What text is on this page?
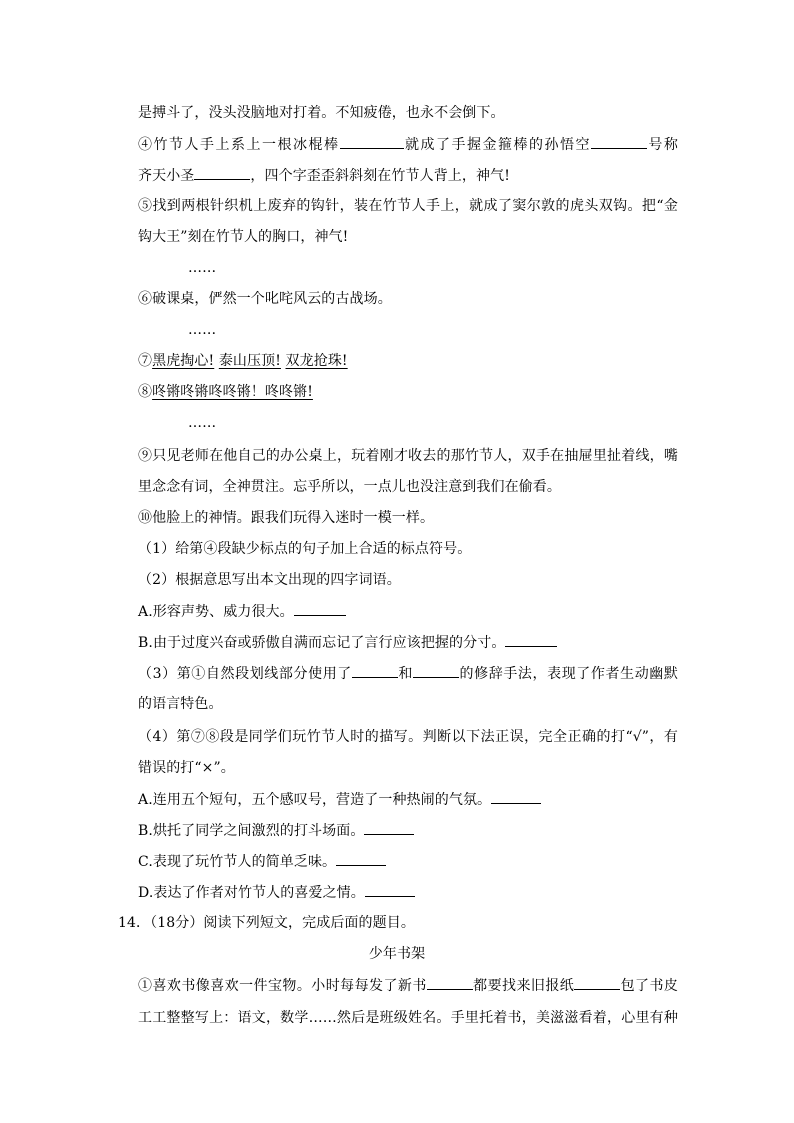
是搏斗了，没头没脑地对打着。不知疲倦，也永不会倒下。
④竹节人手上系上一根冰棍棒	就成了手握金箍棒的孙悟空	号称
齐天小圣	，四个字歪歪斜斜刻在竹节人背上，神气!
⑤找到两根针织机上废弃的钩针，装在竹节人手上，就成了窦尔敦的虎头双钩。把“金
钩大王”刻在竹节人的胸口，神气!
……
⑥破课桌，俨然一个叱咤风云的古战场。
……
⑦黑虎掏心! 泰山压顶! 双龙抢珠!
⑧咚锵咚锵咚咚锵！咚咚锵!
……
⑨只见老师在他自己的办公桌上，玩着刚才收去的那竹节人，双手在抽屉里扯着线，嘴
里念念有词，全神贯注。忘乎所以，一点儿也没注意到我们在偷看。
⑩他脸上的神情。跟我们玩得入迷时一模一样。
（1）给第④段缺少标点的句子加上合适的标点符号。
（2）根据意思写出本文出现的四字词语。
A.形容声势、威力很大。
B.由于过度兴奋或骄傲自满而忘记了言行应该把握的分寸。
（3）第①自然段划线部分使用了	和	的修辞手法，表现了作者生动幽默
的语言特色。
（4）第⑦⑧段是同学们玩竹节人时的描写。判断以下法正误，完全正确的打“√”，有
错误的打“×”。
A.连用五个短句，五个感叹号，营造了一种热闹的气氛。
B.烘托了同学之间激烈的打斗场面。
C.表现了玩竹节人的简单乏味。
D.表达了作者对竹节人的喜爱之情。
14．（18分）阅读下列短文，完成后面的题目。
少年书架
①喜欢书像喜欢一件宝物。小时每每发了新书	都要找来旧报纸	包了书皮
工工整整写上：语文，数学……然后是班级姓名。手里托着书，美滋滋看着，心里有种
